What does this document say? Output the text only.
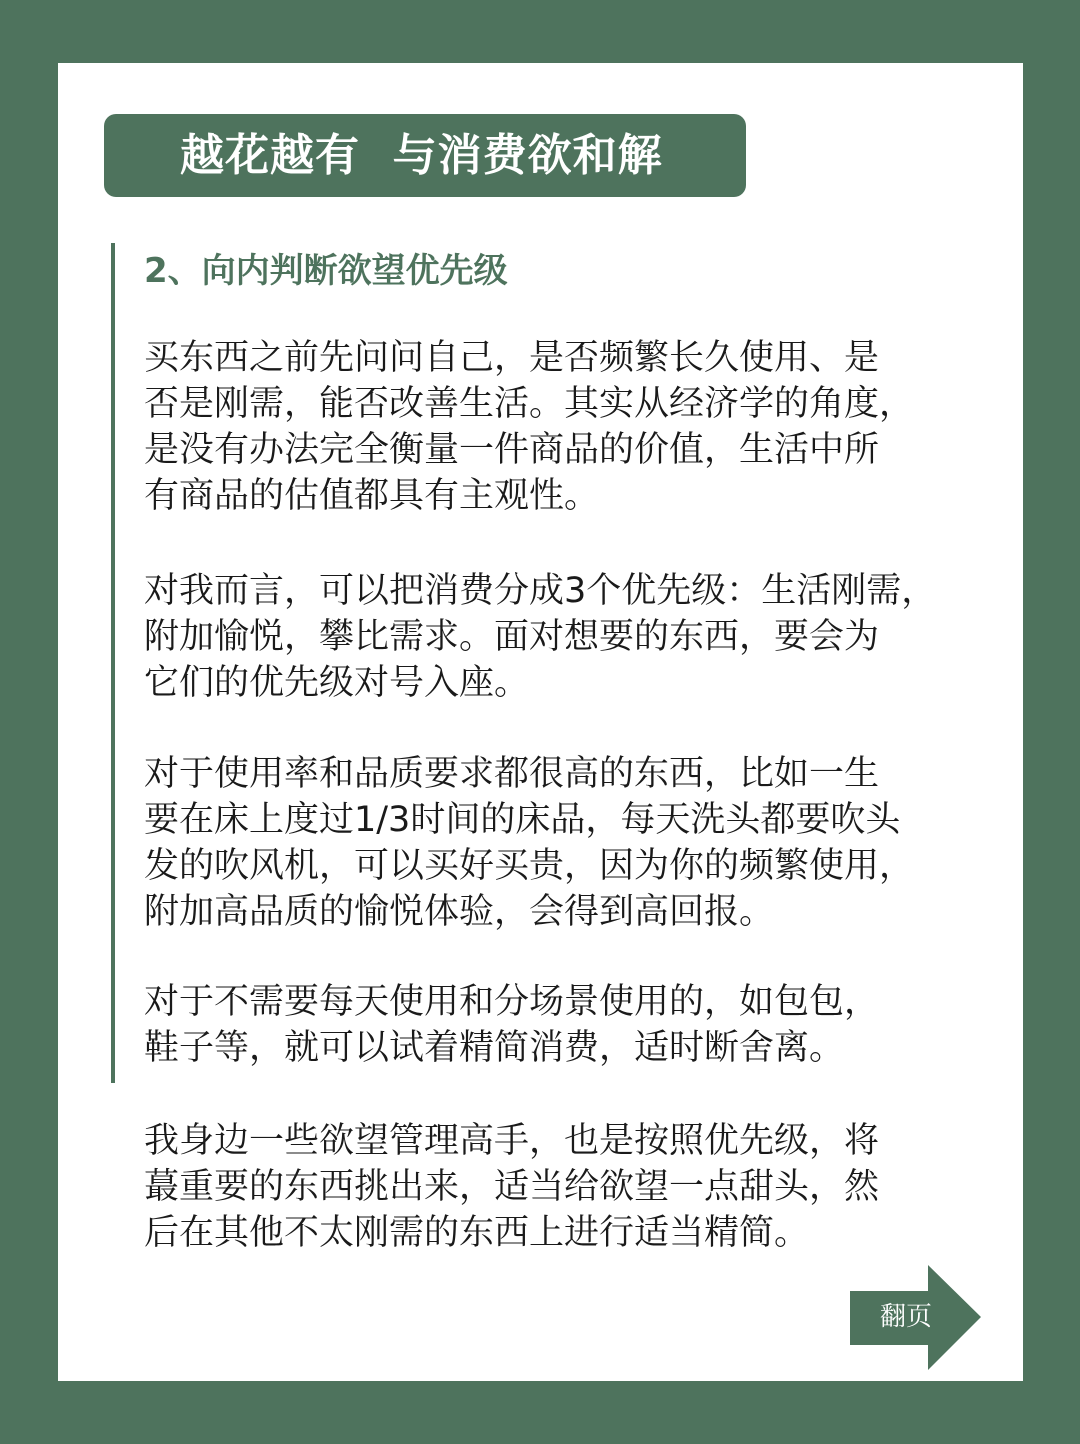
越花越有  与消费欲和解
2、向内判断欲望优先级

买东西之前先问问自己，是否频繁长久使用、是
否是刚需，能否改善生活。其实从经济学的角度，
是没有办法完全衡量一件商品的价值，生活中所
有商品的估值都具有主观性。

对我而言，可以把消费分成3个优先级：生活刚需，
附加愉悦，攀比需求。面对想要的东西，要会为
它们的优先级对号入座。

对于使用率和品质要求都很高的东西，比如一生
要在床上度过1/3时间的床品，每天洗头都要吹头
发的吹风机，可以买好买贵，因为你的频繁使用，
附加高品质的愉悦体验，会得到高回报。

对于不需要每天使用和分场景使用的，如包包，
鞋子等，就可以试着精简消费，适时断舍离。

我身边一些欲望管理高手，也是按照优先级，将
蕞重要的东西挑出来，适当给欲望一点甜头，然
后在其他不太刚需的东西上进行适当精简。

翻页
